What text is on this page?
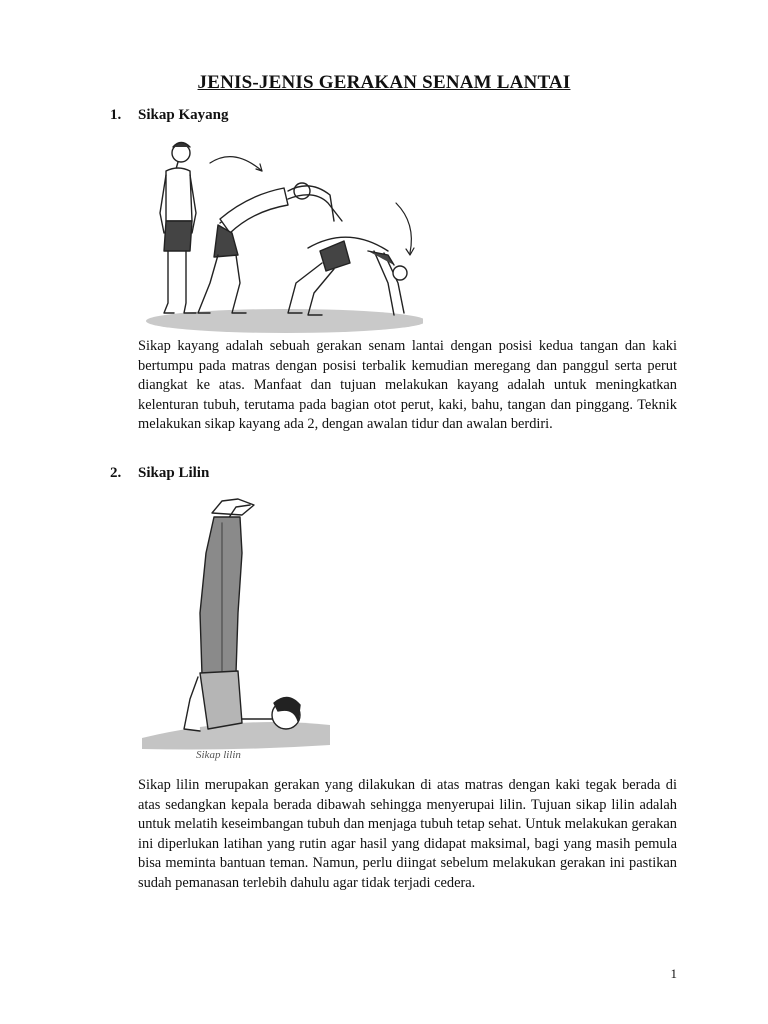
JENIS-JENIS GERAKAN SENAM LANTAI
1. Sikap Kayang
Sikap kayang adalah sebuah gerakan senam lantai dengan posisi kedua tangan dan kaki bertumpu pada matras dengan posisi terbalik kemudian meregang dan panggul serta perut diangkat ke atas. Manfaat dan tujuan melakukan kayang adalah untuk meningkatkan kelenturan tubuh, terutama pada bagian otot perut, kaki, bahu, tangan dan pinggang. Teknik melakukan sikap kayang ada 2, dengan awalan tidur dan awalan berdiri.
2. Sikap Lilin
Sikap lilin
Sikap lilin merupakan gerakan yang dilakukan di atas matras dengan kaki tegak berada di atas sedangkan kepala berada dibawah sehingga menyerupai lilin. Tujuan sikap lilin adalah untuk melatih keseimbangan tubuh dan menjaga tubuh tetap sehat. Untuk melakukan gerakan ini diperlukan latihan yang rutin agar hasil yang didapat maksimal, bagi yang masih pemula bisa meminta bantuan teman. Namun, perlu diingat sebelum melakukan gerakan ini pastikan sudah pemanasan terlebih dahulu agar tidak terjadi cedera.
1
